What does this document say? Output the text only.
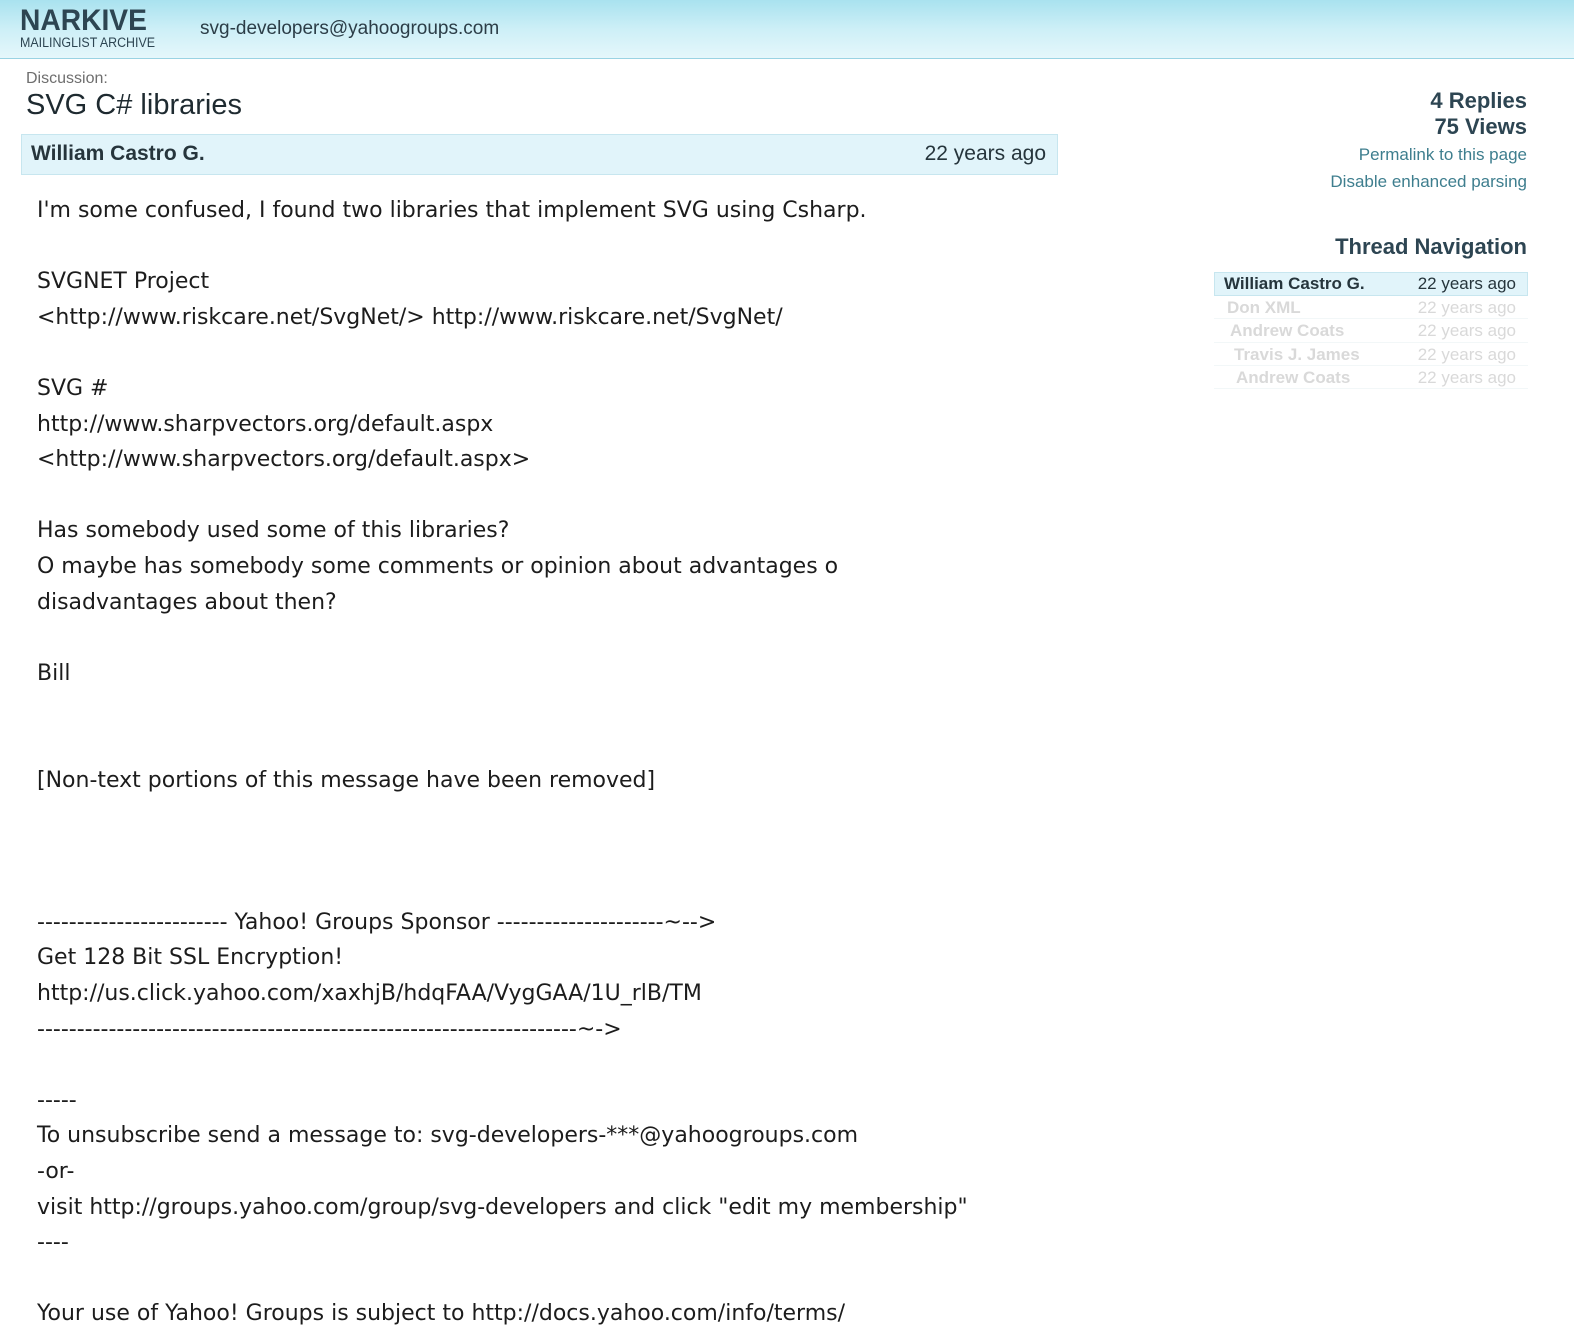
NARKIVE
MAILINGLIST ARCHIVE
svg-developers@yahoogroups.com
Discussion:
SVG C# libraries
William Castro G.	22 years ago
I'm some confused, I found two libraries that implement SVG using Csharp.

SVGNET Project
<http://www.riskcare.net/SvgNet/> http://www.riskcare.net/SvgNet/

SVG #
http://www.sharpvectors.org/default.aspx
<http://www.sharpvectors.org/default.aspx>

Has somebody used some of this libraries?
O maybe has somebody some comments or opinion about advantages o
disadvantages about then?

Bill

[Non-text portions of this message have been removed]

------------------------ Yahoo! Groups Sponsor ---------------------~-->
Get 128 Bit SSL Encryption!
http://us.click.yahoo.com/xaxhjB/hdqFAA/VygGAA/1U_rlB/TM
--------------------------------------------------------------------~->

-----
To unsubscribe send a message to: svg-developers-***@yahoogroups.com
-or-
visit http://groups.yahoo.com/group/svg-developers and click "edit my membership"
----

Your use of Yahoo! Groups is subject to http://docs.yahoo.com/info/terms/
4 Replies
75 Views
Permalink to this page
Disable enhanced parsing
Thread Navigation
William Castro G.	22 years ago
Don XML	22 years ago
Andrew Coats	22 years ago
Travis J. James	22 years ago
Andrew Coats	22 years ago
